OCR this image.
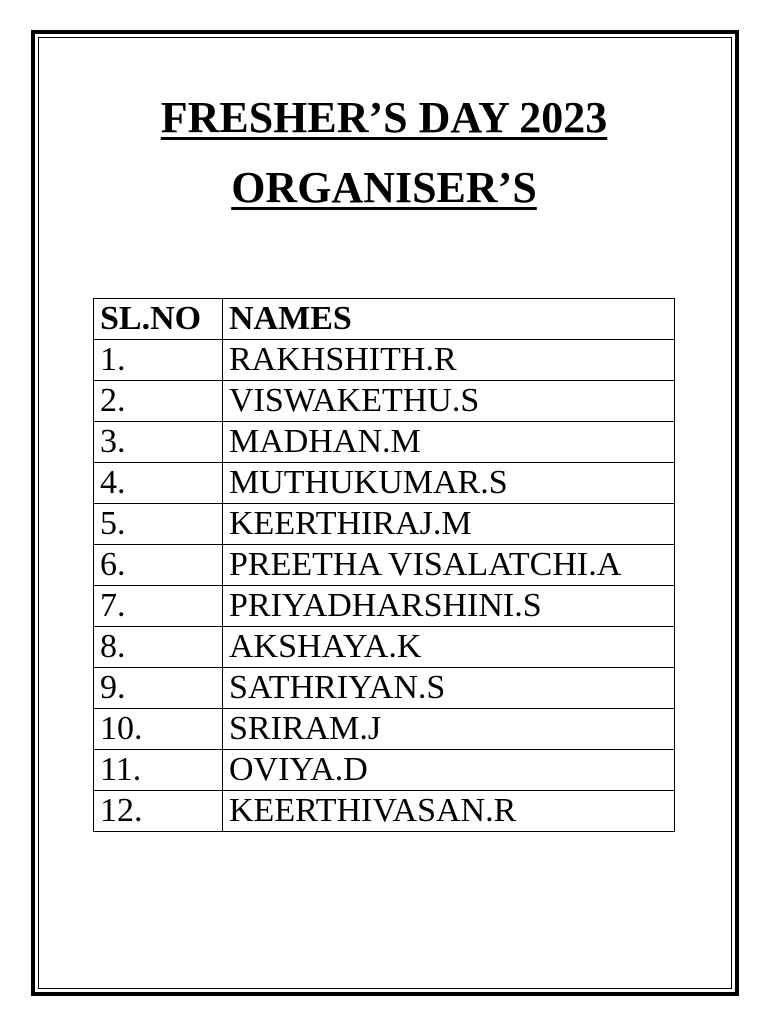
FRESHER’S DAY 2023
ORGANISER’S
SL.NO	NAMES
1.	RAKHSHITH.R
2.	VISWAKETHU.S
3.	MADHAN.M
4.	MUTHUKUMAR.S
5.	KEERTHIRAJ.M
6.	PREETHA VISALATCHI.A
7.	PRIYADHARSHINI.S
8.	AKSHAYA.K
9.	SATHRIYAN.S
10.	SRIRAM.J
11.	OVIYA.D
12.	KEERTHIVASAN.R
